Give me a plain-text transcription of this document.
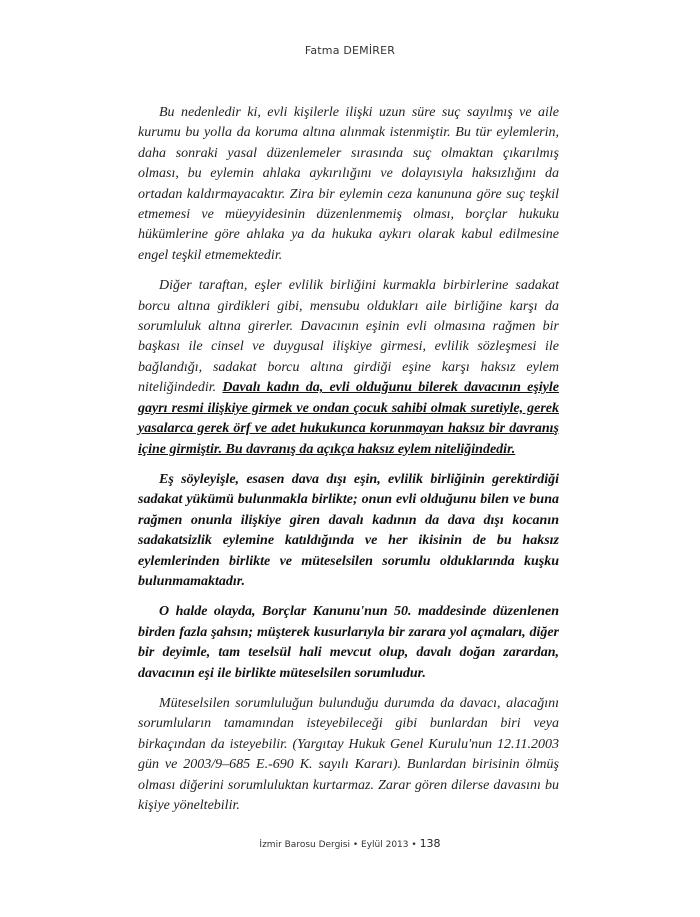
Fatma DEMİRER

Bu nedenledir ki, evli kişilerle ilişki uzun süre suç sayılmış ve aile kurumu bu yolla da koruma altına alınmak istenmiştir. Bu tür eylemlerin, daha sonraki yasal düzenlemeler sırasında suç olmaktan çıkarılmış olması, bu eylemin ahlaka aykırılığını ve dolayısıyla haksızlığını da ortadan kaldırmayacaktır. Zira bir eylemin ceza kanununa göre suç teşkil etmemesi ve müeyyidesinin düzenlenmemiş olması, borçlar hukuku hükümlerine göre ahlaka ya da hukuka aykırı olarak kabul edilmesine engel teşkil etmemektedir.

Diğer taraftan, eşler evlilik birliğini kurmakla birbirlerine sadakat borcu altına girdikleri gibi, mensubu oldukları aile birliğine karşı da sorumluluk altına girerler. Davacının eşinin evli olmasına rağmen bir başkası ile cinsel ve duygusal ilişkiye girmesi, evlilik sözleşmesi ile bağlandığı, sadakat borcu altına girdiği eşine karşı haksız eylem niteliğindedir. Davalı kadın da, evli olduğunu bilerek davacının eşiyle gayrı resmi ilişkiye girmek ve ondan çocuk sahibi olmak suretiyle, gerek yasalarca gerek örf ve adet hukukunca korunmayan haksız bir davranış içine girmiştir. Bu davranış da açıkça haksız eylem niteliğindedir.

Eş söyleyişle, esasen dava dışı eşin, evlilik birliğinin gerektirdiği sadakat yükümü bulunmakla birlikte; onun evli olduğunu bilen ve buna rağmen onunla ilişkiye giren davalı kadının da dava dışı kocanın sadakatsizlik eylemine katıldığında ve her ikisinin de bu haksız eylemlerinden birlikte ve müteselsilen sorumlu olduklarında kuşku bulunmamaktadır.

O halde olayda, Borçlar Kanunu'nun 50. maddesinde düzenlenen birden fazla şahsın; müşterek kusurlarıyla bir zarara yol açmaları, diğer bir deyimle, tam teselsül hali mevcut olup, davalı doğan zarardan, davacının eşi ile birlikte müteselsilen sorumludur.

Müteselsilen sorumluluğun bulunduğu durumda da davacı, alacağını sorumluların tamamından isteyebileceği gibi bunlardan biri veya birkaçından da isteyebilir. (Yargıtay Hukuk Genel Kurulu'nun 12.11.2003 gün ve 2003/9–685 E.-690 K. sayılı Kararı). Bunlardan birisinin ölmüş olması diğerini sorumluluktan kurtarmaz. Zarar gören dilerse davasını bu kişiye yöneltebilir.

İzmir Barosu Dergisi • Eylül 2013 • 138
